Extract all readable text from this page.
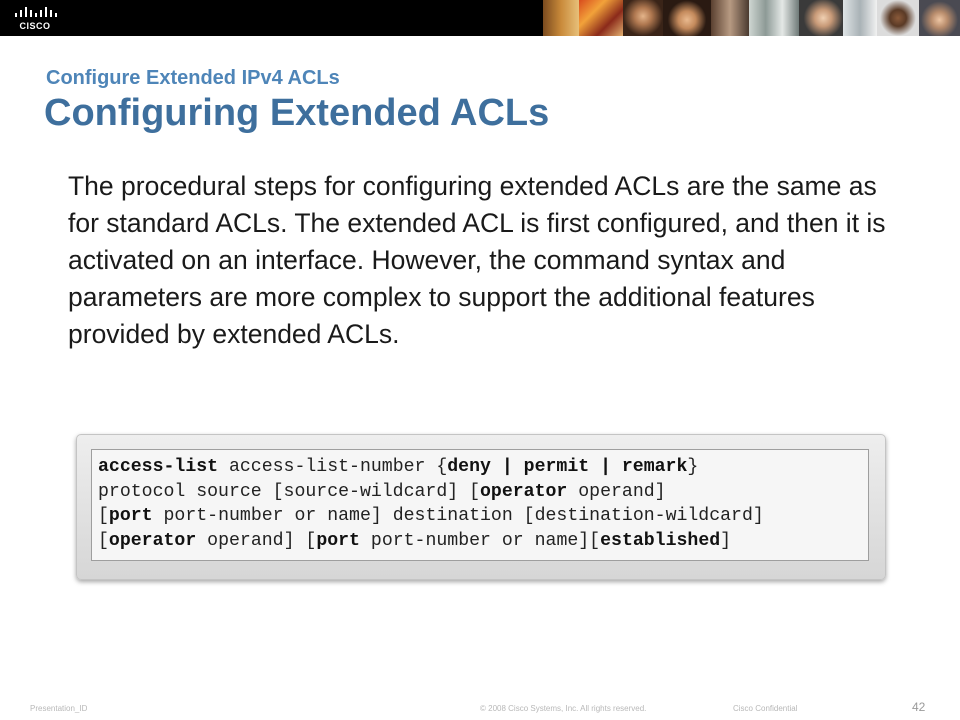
CISCO
Configure Extended IPv4 ACLs
Configuring Extended ACLs
The procedural steps for configuring extended ACLs are the same as for standard ACLs. The extended ACL is first configured, and then it is activated on an interface. However, the command syntax and parameters are more complex to support the additional features provided by extended ACLs.
access-list access-list-number {deny | permit | remark}
protocol source [source-wildcard] [operator operand]
[port port-number or name] destination [destination-wildcard]
[operator operand] [port port-number or name][established]
Presentation_ID	© 2008 Cisco Systems, Inc. All rights reserved.	Cisco Confidential	42
